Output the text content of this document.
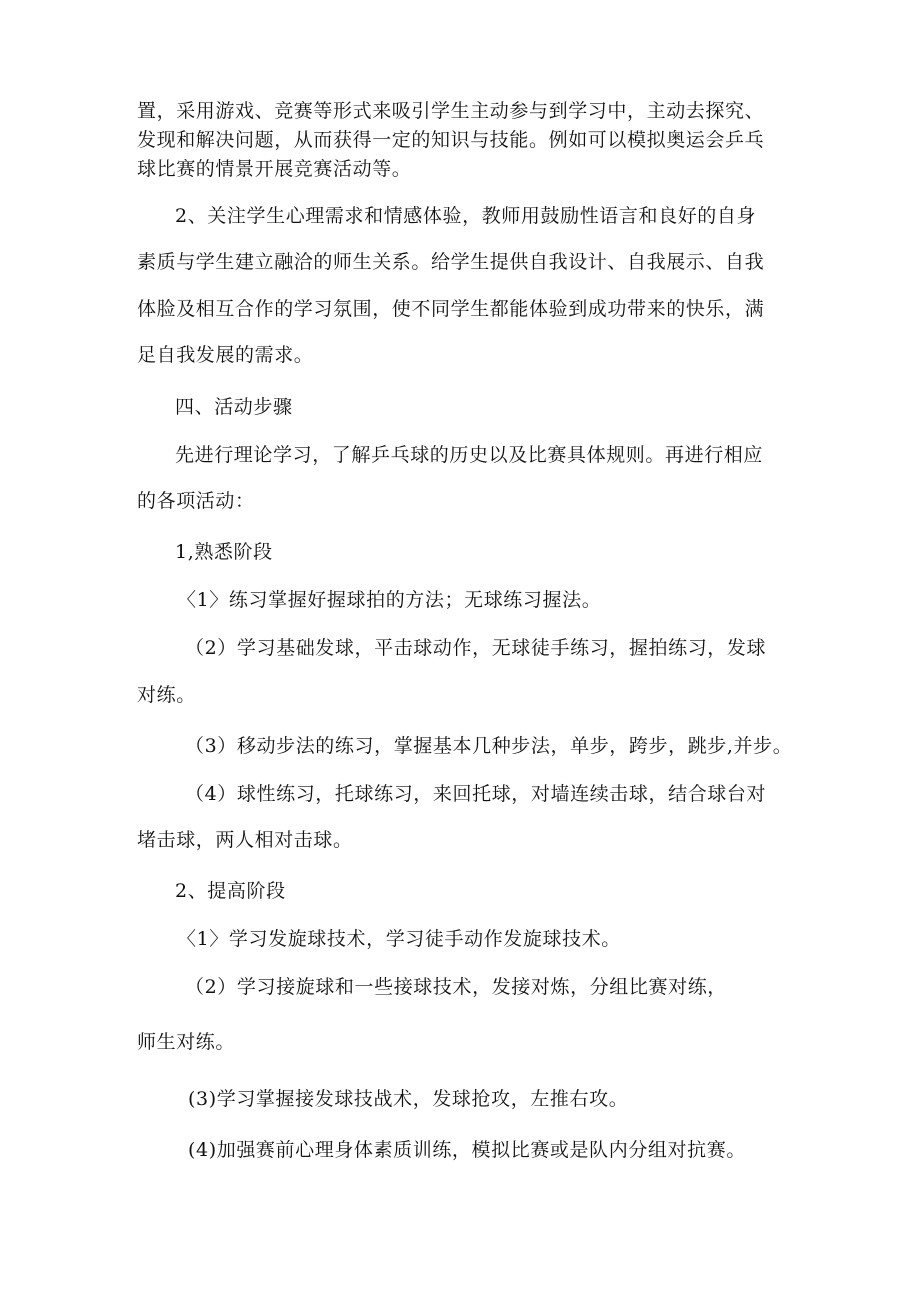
置，采用游戏、竞赛等形式来吸引学生主动参与到学习中，主动去探究、
发现和解决问题，从而获得一定的知识与技能。例如可以模拟奥运会乒乓
球比赛的情景开展竞赛活动等。
2、关注学生心理需求和情感体验，教师用鼓励性语言和良好的自身
素质与学生建立融洽的师生关系。给学生提供自我设计、自我展示、自我
体脸及相互合作的学习氛围，使不同学生都能体验到成功带来的快乐，满
足自我发展的需求。
四、活动步骤
先进行理论学习，了解乒乓球的历史以及比赛具体规则。再进行相应
的各项活动：
1,熟悉阶段
〈1〉练习掌握好握球拍的方法；无球练习握法。
（2）学习基础发球，平击球动作，无球徒手练习，握拍练习，发球
对练。
（3）移动步法的练习，掌握基本几种步法，单步，跨步，跳步,并步。
（4）球性练习，托球练习，来回托球，对墙连续击球，结合球台对
堵击球，两人相对击球。
2、提高阶段
〈1〉学习发旋球技术，学习徒手动作发旋球技术。
（2）学习接旋球和一些接球技术，发接对炼，分组比赛对练，
师生对练。
(3)学习掌握接发球技战术，发球抢攻，左推右攻。
(4)加强赛前心理身体素质训练，模拟比赛或是队内分组对抗赛。
